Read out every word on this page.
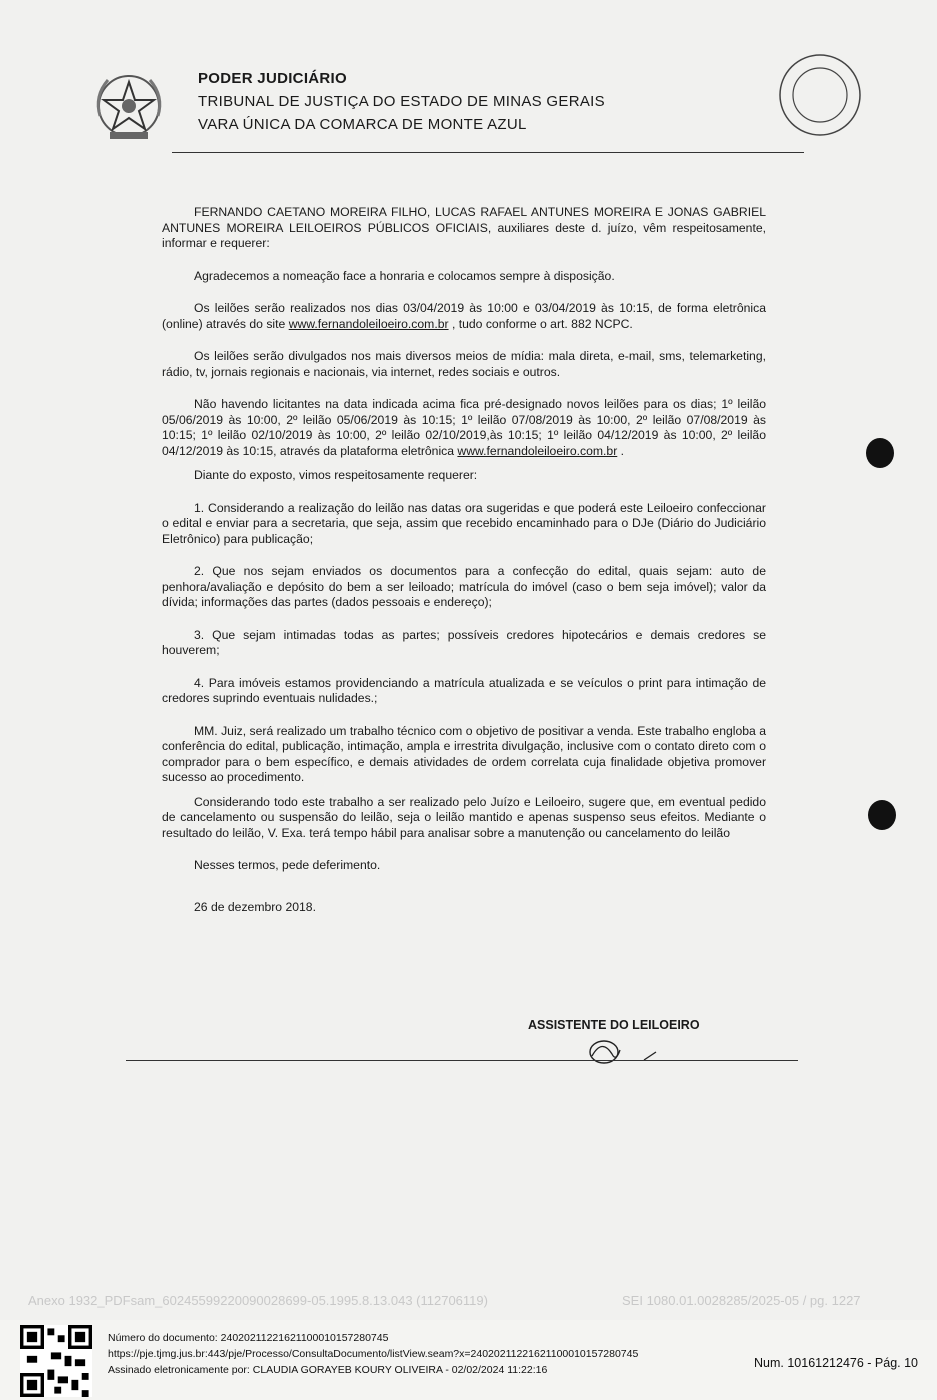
PODER JUDICIÁRIO
TRIBUNAL DE JUSTIÇA DO ESTADO DE MINAS GERAIS
VARA ÚNICA DA COMARCA DE MONTE AZUL

FERNANDO CAETANO MOREIRA FILHO, LUCAS RAFAEL ANTUNES MOREIRA E JONAS GABRIEL ANTUNES MOREIRA LEILOEIROS PÚBLICOS OFICIAIS, auxiliares deste d. juízo, vêm respeitosamente, informar e requerer:

Agradecemos a nomeação face a honraria e colocamos sempre à disposição.

Os leilões serão realizados nos dias 03/04/2019 às 10:00 e 03/04/2019 às 10:15, de forma eletrônica (online) através do site www.fernandoleiloeiro.com.br , tudo conforme o art. 882 NCPC.

Os leilões serão divulgados nos mais diversos meios de mídia: mala direta, e-mail, sms, telemarketing, rádio, tv, jornais regionais e nacionais, via internet, redes sociais e outros.

Não havendo licitantes na data indicada acima fica pré-designado novos leilões para os dias; 1º leilão 05/06/2019 às 10:00, 2º leilão 05/06/2019 às 10:15; 1º leilão 07/08/2019 às 10:00, 2º leilão 07/08/2019 às 10:15; 1º leilão 02/10/2019 às 10:00, 2º leilão 02/10/2019,às 10:15; 1º leilão 04/12/2019 às 10:00, 2º leilão 04/12/2019 às 10:15, através da plataforma eletrônica www.fernandoleiloeiro.com.br .

Diante do exposto, vimos respeitosamente requerer:

1. Considerando a realização do leilão nas datas ora sugeridas e que poderá este Leiloeiro confeccionar o edital e enviar para a secretaria, que seja, assim que recebido encaminhado para o DJe (Diário do Judiciário Eletrônico) para publicação;

2. Que nos sejam enviados os documentos para a confecção do edital, quais sejam: auto de penhora/avaliação e depósito do bem a ser leiloado; matrícula do imóvel (caso o bem seja imóvel); valor da dívida; informações das partes (dados pessoais e endereço);

3. Que sejam intimadas todas as partes; possíveis credores hipotecários e demais credores se houverem;

4. Para imóveis estamos providenciando a matrícula atualizada e se veículos o print para intimação de credores suprindo eventuais nulidades.;

MM. Juiz, será realizado um trabalho técnico com o objetivo de positivar a venda. Este trabalho engloba a conferência do edital, publicação, intimação, ampla e irrestrita divulgação, inclusive com o contato direto com o comprador para o bem específico, e demais atividades de ordem correlata cuja finalidade objetiva promover sucesso ao procedimento.

Considerando todo este trabalho a ser realizado pelo Juízo e Leiloeiro, sugere que, em eventual pedido de cancelamento ou suspensão do leilão, seja o leilão mantido e apenas suspenso seus efeitos. Mediante o resultado do leilão, V. Exa. terá tempo hábil para analisar sobre a manutenção ou cancelamento do leilão

Nesses termos, pede deferimento.

26 de dezembro 2018.

ASSISTENTE DO LEILOEIRO
Anexo 1932_PDFsam_60245599220090028699-05.1995.8.13.043 (112706119)	SEI 1080.01.0028285/2025-05 / pg. 1227
Número do documento: 24020211221621100010157280745
https://pje.tjmg.jus.br:443/pje/Processo/ConsultaDocumento/listView.seam?x=24020211221621100010157280745
Assinado eletronicamente por: CLAUDIA GORAYEB KOURY OLIVEIRA - 02/02/2024 11:22:16	Num. 10161212476 - Pág. 10
